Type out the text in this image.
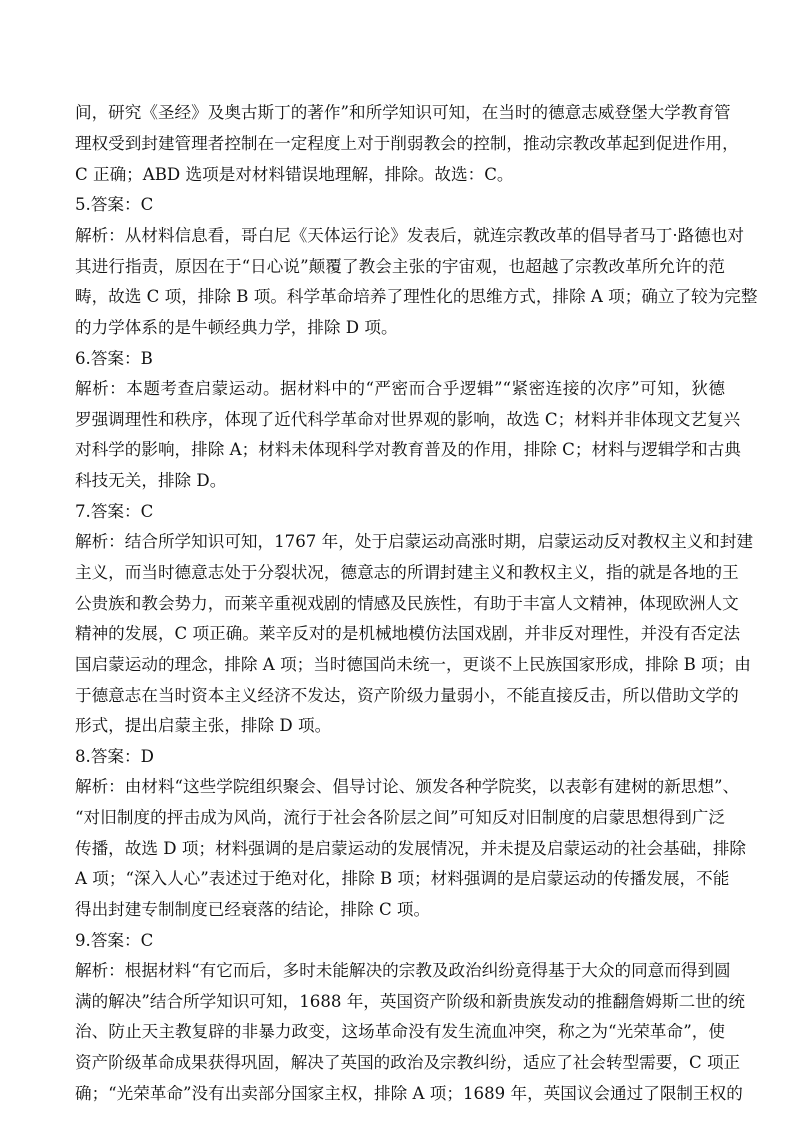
间，研究《圣经》及奥古斯丁的著作”和所学知识可知，在当时的德意志威登堡大学教育管
理权受到封建管理者控制在一定程度上对于削弱教会的控制，推动宗教改革起到促进作用，
C 正确；ABD 选项是对材料错误地理解，排除。故选：C。
5.答案：C
解析：从材料信息看，哥白尼《天体运行论》发表后，就连宗教改革的倡导者马丁·路德也对
其进行指责，原因在于“日心说”颠覆了教会主张的宇宙观，也超越了宗教改革所允许的范
畴，故选 C 项，排除 B 项。科学革命培养了理性化的思维方式，排除 A 项；确立了较为完整
的力学体系的是牛顿经典力学，排除 D 项。
6.答案：B
解析：本题考查启蒙运动。据材料中的“严密而合乎逻辑”“紧密连接的次序”可知，狄德
罗强调理性和秩序，体现了近代科学革命对世界观的影响，故选 C；材料并非体现文艺复兴
对科学的影响，排除 A；材料未体现科学对教育普及的作用，排除 C；材料与逻辑学和古典
科技无关，排除 D。
7.答案：C
解析：结合所学知识可知，1767 年，处于启蒙运动高涨时期，启蒙运动反对教权主义和封建
主义，而当时德意志处于分裂状况，德意志的所谓封建主义和教权主义，指的就是各地的王
公贵族和教会势力，而莱辛重视戏剧的情感及民族性，有助于丰富人文精神，体现欧洲人文
精神的发展，C 项正确。莱辛反对的是机械地模仿法国戏剧，并非反对理性，并没有否定法
国启蒙运动的理念，排除 A 项；当时德国尚未统一，更谈不上民族国家形成，排除 B 项；由
于德意志在当时资本主义经济不发达，资产阶级力量弱小，不能直接反击，所以借助文学的
形式，提出启蒙主张，排除 D 项。
8.答案：D
解析：由材料“这些学院组织聚会、倡导讨论、颁发各种学院奖，以表彰有建树的新思想”、
“对旧制度的抨击成为风尚，流行于社会各阶层之间”可知反对旧制度的启蒙思想得到广泛
传播，故选 D 项；材料强调的是启蒙运动的发展情况，并未提及启蒙运动的社会基础，排除
A 项；“深入人心”表述过于绝对化，排除 B 项；材料强调的是启蒙运动的传播发展，不能
得出封建专制制度已经衰落的结论，排除 C 项。
9.答案：C
解析：根据材料“有它而后，多时未能解决的宗教及政治纠纷竟得基于大众的同意而得到圆
满的解决”结合所学知识可知，1688 年，英国资产阶级和新贵族发动的推翻詹姆斯二世的统
治、防止天主教复辟的非暴力政变，这场革命没有发生流血冲突，称之为“光荣革命”，使
资产阶级革命成果获得巩固，解决了英国的政治及宗教纠纷，适应了社会转型需要，C 项正
确；“光荣革命”没有出卖部分国家主权，排除 A 项；1689 年，英国议会通过了限制王权的
